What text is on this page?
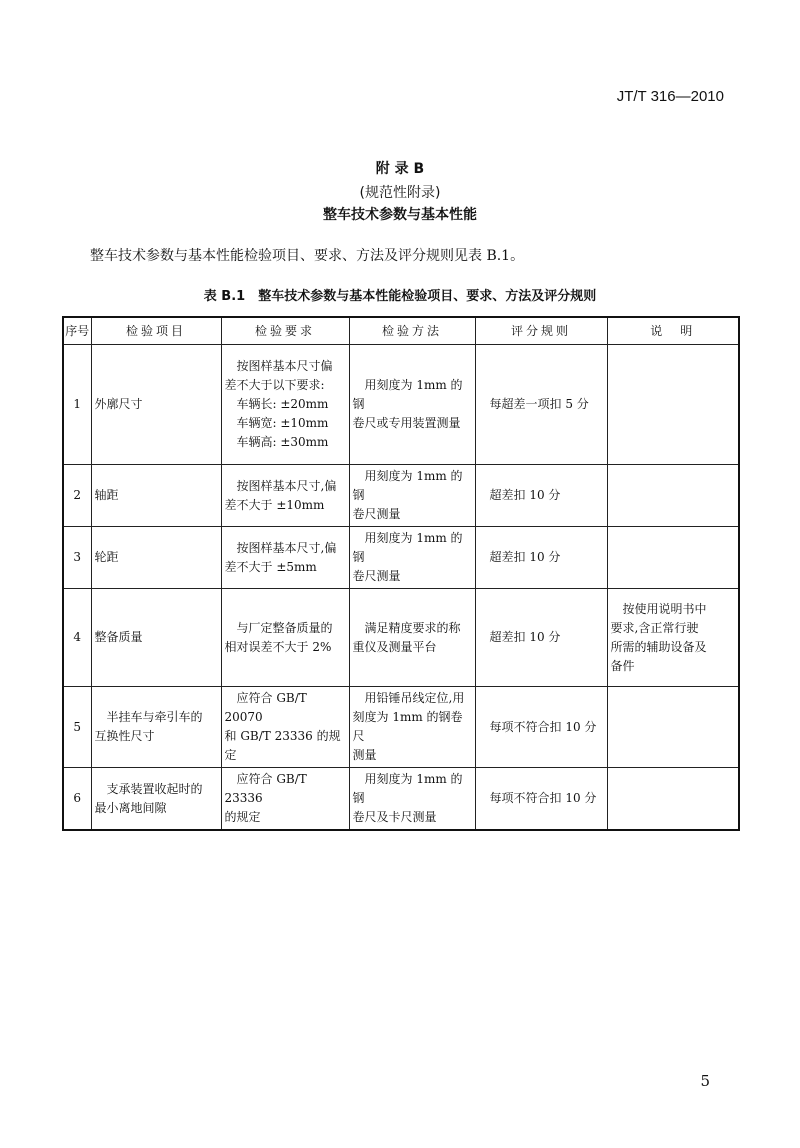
JT/T 316—2010
附 录 B
(规范性附录)
整车技术参数与基本性能
整车技术参数与基本性能检验项目、要求、方法及评分规则见表 B.1。
表 B.1　整车技术参数与基本性能检验项目、要求、方法及评分规则
序号	检验项目	检验要求	检验方法	评分规则	说　明
1	外廓尺寸	　按图样基本尺寸偏
差不大于以下要求:
　车辆长: ±20mm
　车辆宽: ±10mm
　车辆高: ±30mm	　用刻度为 1mm 的钢
卷尺或专用装置测量	每超差一项扣 5 分	
2	轴距	　按图样基本尺寸,偏
差不大于 ±10mm	　用刻度为 1mm 的钢
卷尺测量	超差扣 10 分	
3	轮距	　按图样基本尺寸,偏
差不大于 ±5mm	　用刻度为 1mm 的钢
卷尺测量	超差扣 10 分	
4	整备质量	　与厂定整备质量的
相对误差不大于 2%	　满足精度要求的称
重仪及测量平台	超差扣 10 分	　按使用说明书中
要求,含正常行驶
所需的辅助设备及
备件
5	　半挂车与牵引车的
互换性尺寸	　应符合 GB/T 20070
和 GB/T 23336 的规定	　用铅锤吊线定位,用
刻度为 1mm 的钢卷尺
测量	每项不符合扣 10 分	
6	　支承装置收起时的
最小离地间隙	　应符合 GB/T 23336
的规定	　用刻度为 1mm 的钢
卷尺及卡尺测量	每项不符合扣 10 分	
5
